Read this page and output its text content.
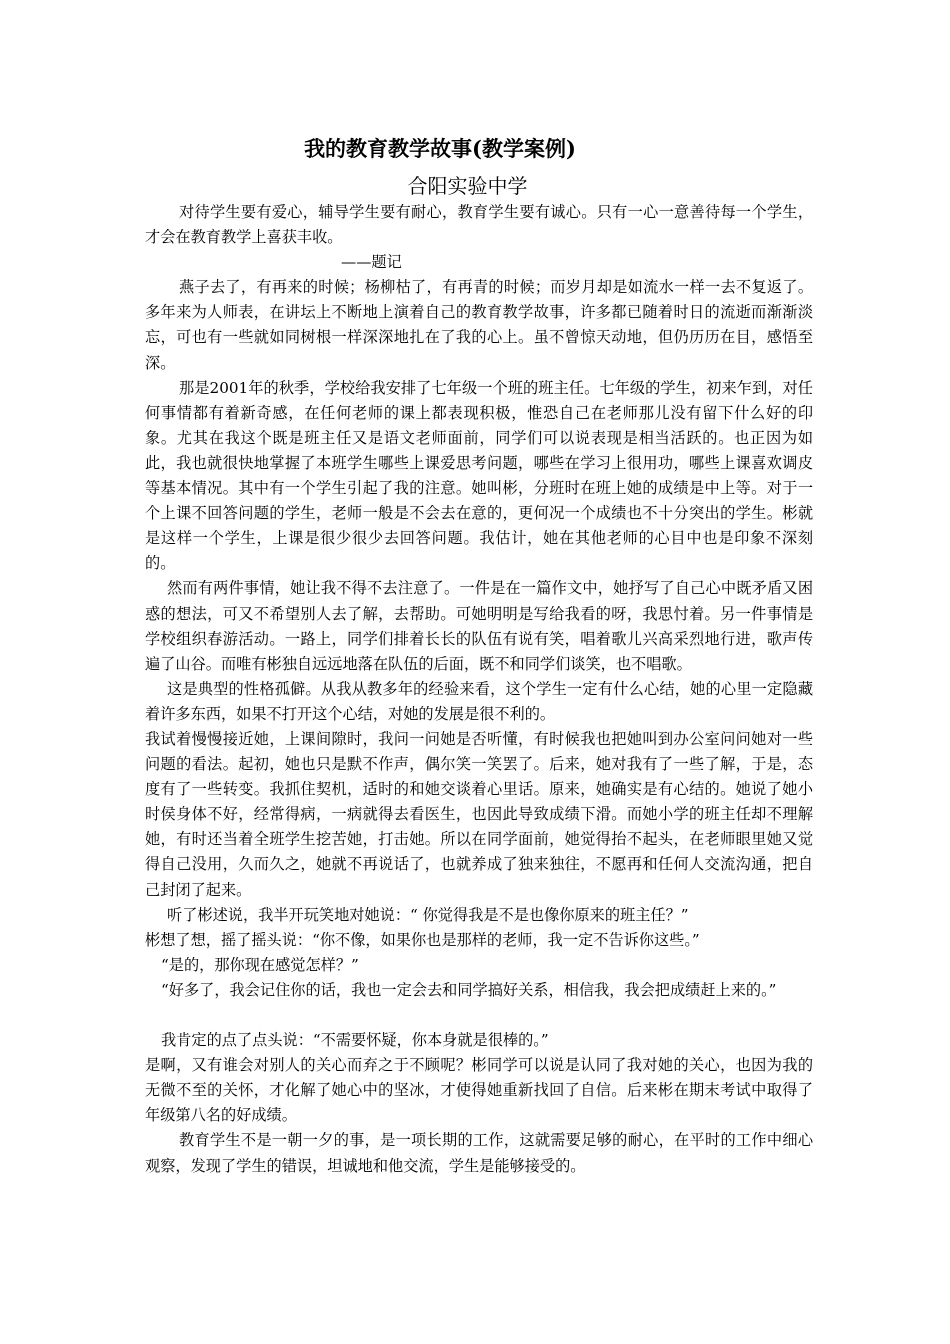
我的教育教学故事(教学案例)
合阳实验中学

对待学生要有爱心，辅导学生要有耐心，教育学生要有诚心。只有一心一意善待每一个学生，才会在教育教学上喜获丰收。

——题记

燕子去了，有再来的时候；杨柳枯了，有再青的时候；而岁月却是如流水一样一去不复返了。多年来为人师表，在讲坛上不断地上演着自己的教育教学故事，许多都已随着时日的流逝而渐渐淡忘，可也有一些就如同树根一样深深地扎在了我的心上。虽不曾惊天动地，但仍历历在目，感悟至深。

那是2001年的秋季，学校给我安排了七年级一个班的班主任。七年级的学生，初来乍到，对任何事情都有着新奇感，在任何老师的课上都表现积极，惟恐自己在老师那儿没有留下什么好的印象。尤其在我这个既是班主任又是语文老师面前，同学们可以说表现是相当活跃的。也正因为如此，我也就很快地掌握了本班学生哪些上课爱思考问题，哪些在学习上很用功，哪些上课喜欢调皮等基本情况。其中有一个学生引起了我的注意。她叫彬，分班时在班上她的成绩是中上等。对于一个上课不回答问题的学生，老师一般是不会去在意的，更何况一个成绩也不十分突出的学生。彬就是这样一个学生，上课是很少很少去回答问题。我估计，她在其他老师的心目中也是印象不深刻的。

然而有两件事情，她让我不得不去注意了。一件是在一篇作文中，她抒写了自己心中既矛盾又困惑的想法，可又不希望别人去了解，去帮助。可她明明是写给我看的呀，我思忖着。另一件事情是学校组织春游活动。一路上，同学们排着长长的队伍有说有笑，唱着歌儿兴高采烈地行进，歌声传遍了山谷。而唯有彬独自远远地落在队伍的后面，既不和同学们谈笑，也不唱歌。

这是典型的性格孤僻。从我从教多年的经验来看，这个学生一定有什么心结，她的心里一定隐藏着许多东西，如果不打开这个心结，对她的发展是很不利的。

我试着慢慢接近她，上课间隙时，我问一问她是否听懂，有时候我也把她叫到办公室问问她对一些问题的看法。起初，她也只是默不作声，偶尔笑一笑罢了。后来，她对我有了一些了解，于是，态度有了一些转变。我抓住契机，适时的和她交谈着心里话。原来，她确实是有心结的。她说了她小时侯身体不好，经常得病，一病就得去看医生，也因此导致成绩下滑。而她小学的班主任却不理解她，有时还当着全班学生挖苦她，打击她。所以在同学面前，她觉得抬不起头，在老师眼里她又觉得自己没用，久而久之，她就不再说话了，也就养成了独来独往，不愿再和任何人交流沟通，把自己封闭了起来。

听了彬述说，我半开玩笑地对她说：“ 你觉得我是不是也像你原来的班主任？”

彬想了想，摇了摇头说：“你不像，如果你也是那样的老师，我一定不告诉你这些。”

“是的，那你现在感觉怎样？”

“好多了，我会记住你的话，我也一定会去和同学搞好关系，相信我，我会把成绩赶上来的。”

我肯定的点了点头说：“不需要怀疑，你本身就是很棒的。”

是啊，又有谁会对别人的关心而弃之于不顾呢？彬同学可以说是认同了我对她的关心，也因为我的无微不至的关怀，才化解了她心中的坚冰，才使得她重新找回了自信。后来彬在期末考试中取得了年级第八名的好成绩。

教育学生不是一朝一夕的事，是一项长期的工作，这就需要足够的耐心，在平时的工作中细心观察，发现了学生的错误，坦诚地和他交流，学生是能够接受的。
